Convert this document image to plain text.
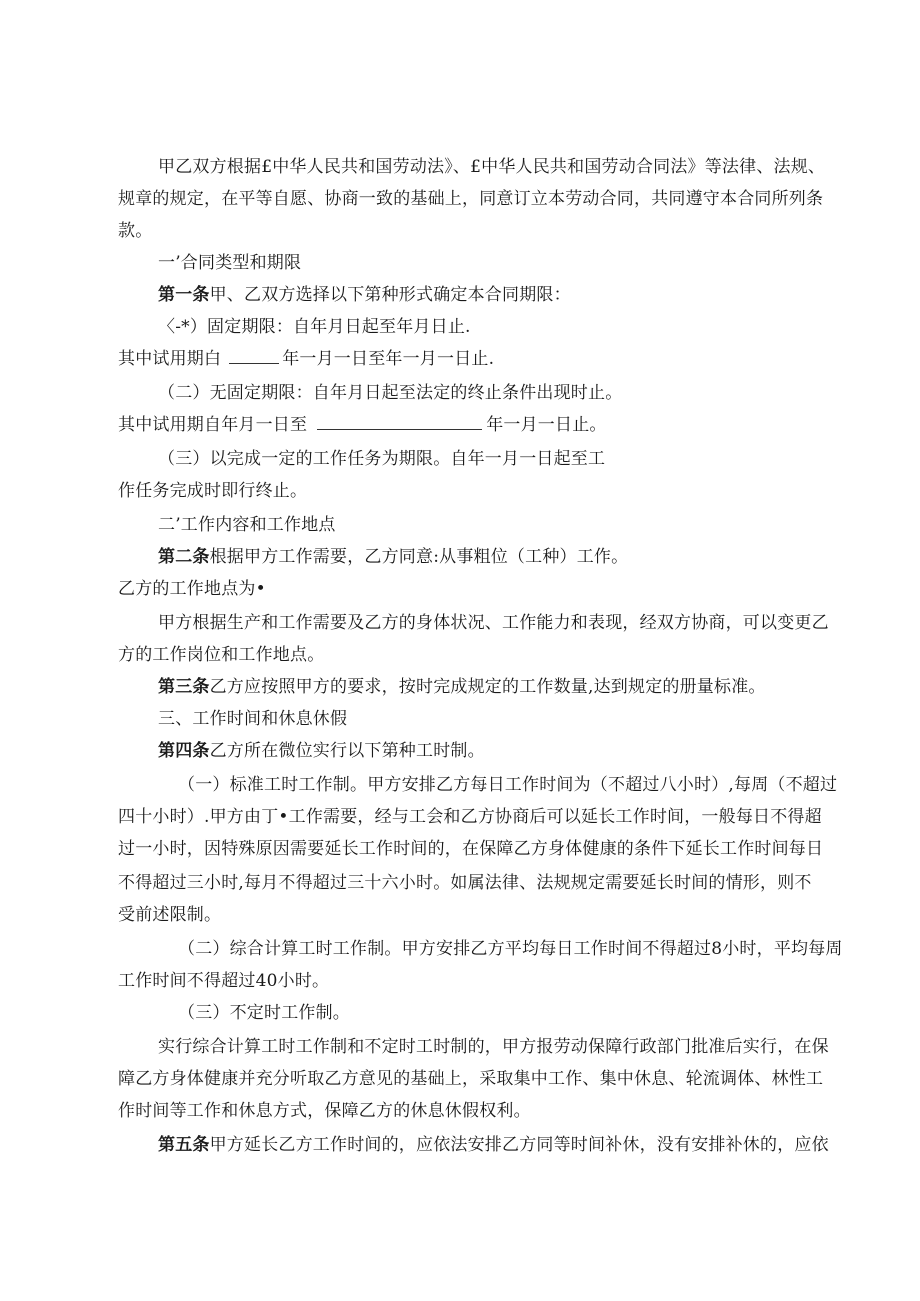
甲乙双方根据£中华人民共和国劳动法》、£中华人民共和国劳动合同法》等法律、法规、
规章的规定，在平等自愿、协商一致的基础上，同意订立本劳动合同，共同遵守本合同所列条
款。
一’合同类型和期限
第一条甲、乙双方选择以下第种形式确定本合同期限：
〈-*）固定期限：自年月日起至年月日止.
其中试用期白	年一月一日至年一月一日止.
（二）无固定期限：自年月日起至法定的终止条件出现时止。
其中试用期自年月一日至	年一月一日止。
（三）以完成一定的工作任务为期限。自年一月一日起至工
作任务完成时即行终止。
二’工作内容和工作地点
第二条根据甲方工作需要，乙方同意:从事粗位（工种）工作。
乙方的工作地点为•
甲方根据生产和工作需要及乙方的身体状况、工作能力和表现，经双方协商，可以变更乙
方的工作岗位和工作地点。
第三条乙方应按照甲方的要求，按时完成规定的工作数量,达到规定的册量标准。
三、工作时间和休息休假
第四条乙方所在微位实行以下第种工时制。
（一）标准工时工作制。甲方安排乙方每日工作时间为（不超过八小时）,每周（不超过
四十小时）.甲方由丁•工作需要，经与工会和乙方协商后可以延长工作时间，一般每日不得超
过一小时，因特殊原因需要延长工作时间的，在保障乙方身体健康的条件下延长工作时间每日
不得超过三小时,每月不得超过三十六小时。如属法律、法规规定需要延长时间的情形，则不
受前述限制。
（二）综合计算工时工作制。甲方安排乙方平均每日工作时间不得超过8小时，平均每周
工作时间不得超过40小时。
（三）不定时工作制。
实行综合计算工时工作制和不定时工时制的，甲方报劳动保障行政部门批准后实行，在保
障乙方身体健康并充分听取乙方意见的基础上，采取集中工作、集中休息、轮流调体、林性工
作时间等工作和休息方式，保障乙方的休息休假权利。
第五条甲方延长乙方工作时间的，应依法安排乙方同等时间补休，没有安排补休的，应依
